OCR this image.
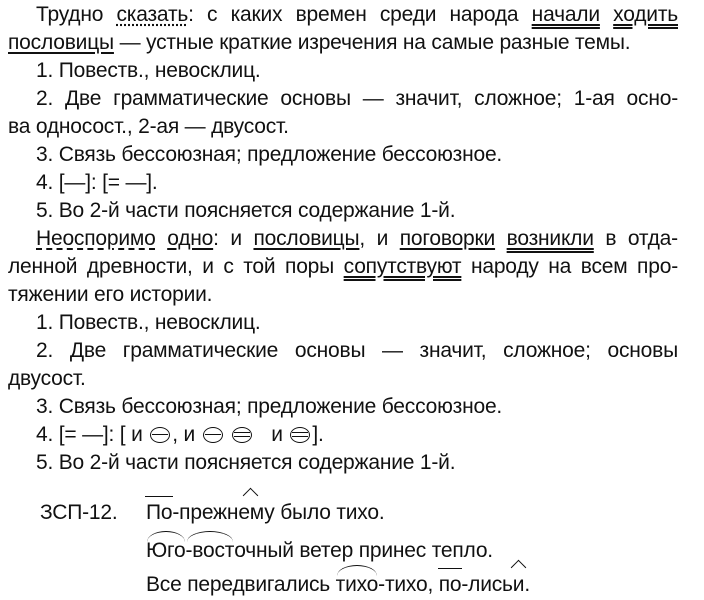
Трудно сказать: с каких времен среди народа начали ходить
пословицы — устные краткие изречения на самые разные темы.
1. Повеств., невосклиц.
2. Две грамматические основы — значит, сложное; 1-ая осно-
ва односост., 2-ая — двусост.
3. Связь бессоюзная; предложение бессоюзное.
4. [—]: [= —].
5. Во 2-й части поясняется содержание 1-й.
Неоспоримо одно: и пословицы, и поговорки возникли в отда-
ленной древности, и с той поры сопутствуют народу на всем про-
тяжении его истории.
1. Повеств., невосклиц.
2. Две грамматические основы — значит, сложное; основы
двусост.
3. Связь бессоюзная; предложение бессоюзное.
4. [= —]: [ и , и	и ].
5. Во 2-й части поясняется содержание 1-й.
ЗСП-12. По-прежнему было тихо.
Юго-восточный ветер принес тепло.
Все передвигались тихо-тихо, по-лисьи.
